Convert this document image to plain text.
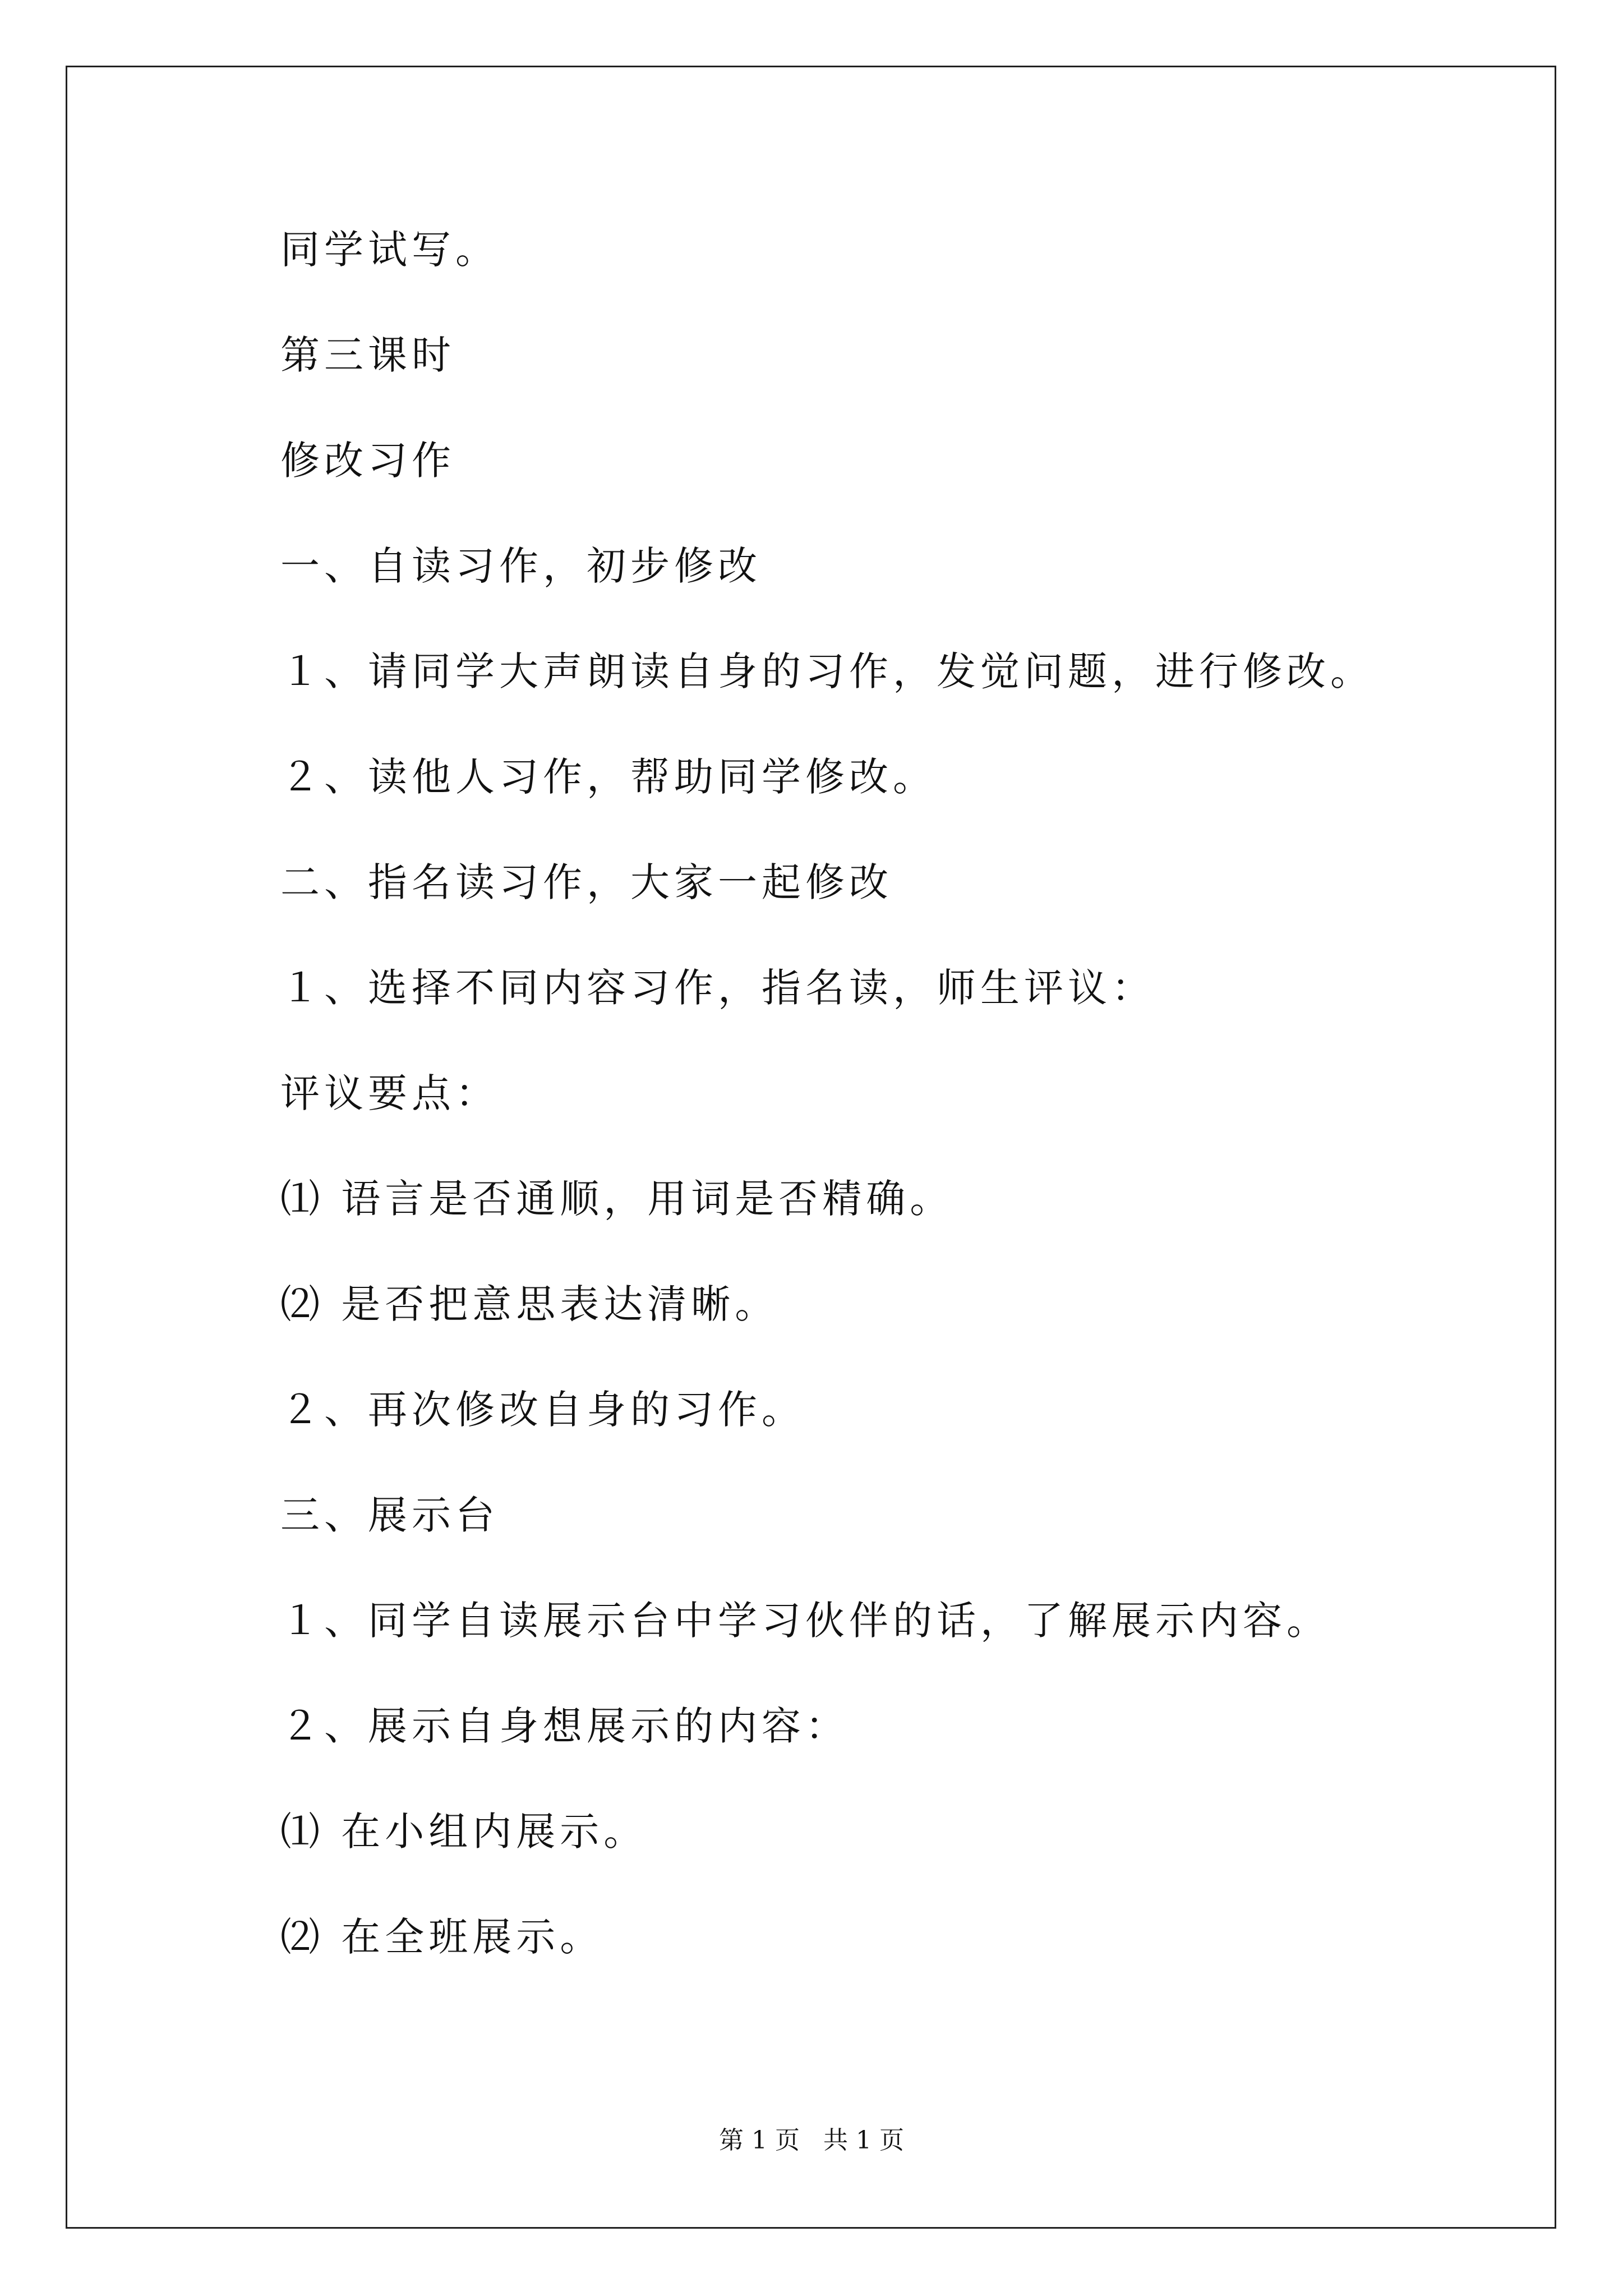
同学试写。
第三课时
修改习作
一、自读习作，初步修改
１、请同学大声朗读自身的习作，发觉问题，进行修改。
２、读他人习作，帮助同学修改。
二、指名读习作，大家一起修改
１、选择不同内容习作，指名读，师生评议：
评议要点：
⑴ 语言是否通顺，用词是否精确。
⑵ 是否把意思表达清晰。
２、再次修改自身的习作。
三、展示台
１、同学自读展示台中学习伙伴的话，了解展示内容。
２、展示自身想展示的内容：
⑴ 在小组内展示。
⑵ 在全班展示。
第 1 页   共 1 页
